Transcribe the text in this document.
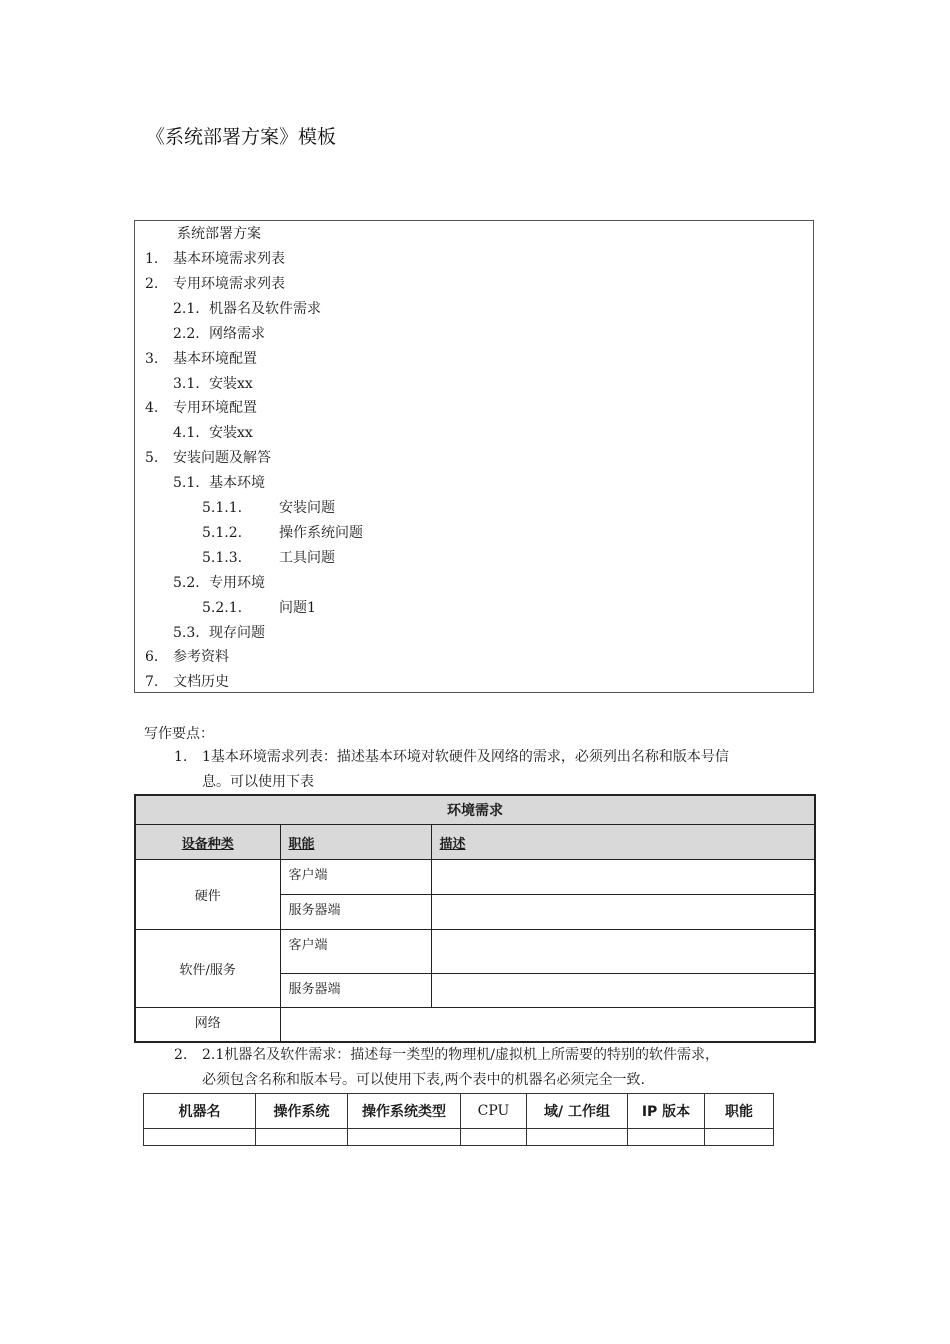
《系统部署方案》模板
系统部署方案
1. 基本环境需求列表
2. 专用环境需求列表
2.1. 机器名及软件需求
2.2. 网络需求
3. 基本环境配置
3.1. 安装xx
4. 专用环境配置
4.1. 安装xx
5. 安装问题及解答
5.1. 基本环境
5.1.1.	安装问题
5.1.2.	操作系统问题
5.1.3.	工具问题
5.2. 专用环境
5.2.1.	问题1
5.3. 现存问题
6. 参考资料
7. 文档历史
写作要点：
1. 1基本环境需求列表：描述基本环境对软硬件及网络的需求，必须列出名称和版本号信
息。可以使用下表
环境需求		
设备种类	职能	描述
硬件	客户端	
	服务器端	
软件/服务	客户端	
	服务器端	
网络		
2. 2.1机器名及软件需求：描述每一类型的物理机/虚拟机上所需要的特别的软件需求，
必须包含名称和版本号。可以使用下表,两个表中的机器名必须完全一致.
机器名	操作系统	操作系统类型	CPU	域/ 工作组	IP 版本	职能
